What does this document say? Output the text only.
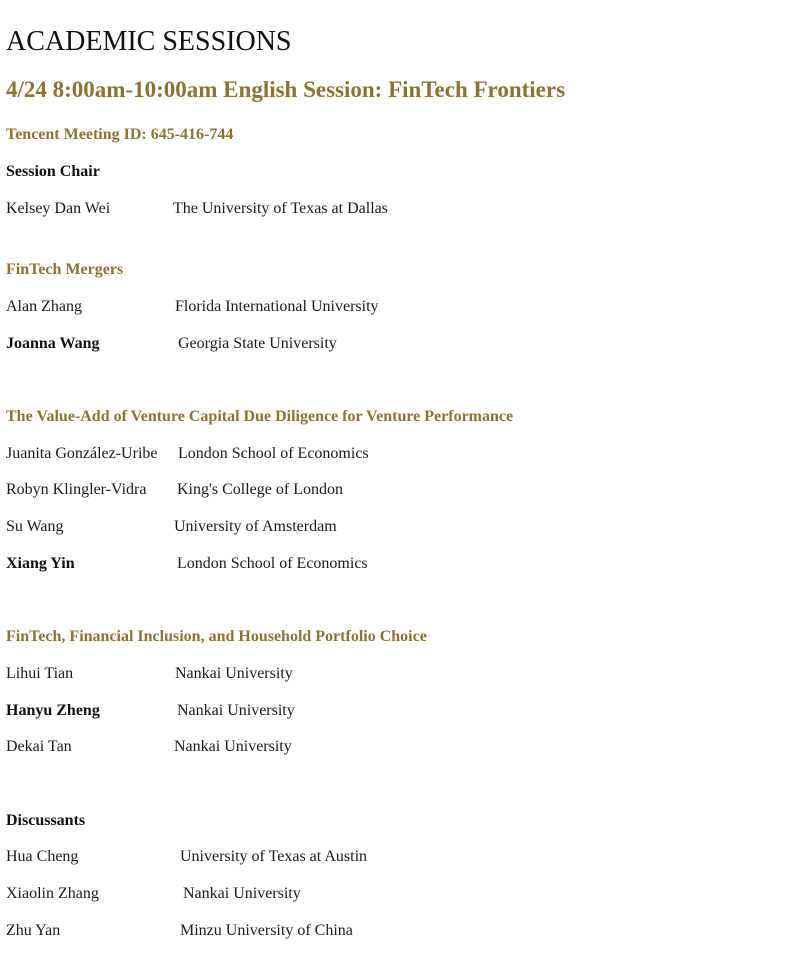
ACADEMIC SESSIONS
4/24 8:00am-10:00am English Session: FinTech Frontiers
Tencent Meeting ID: 645-416-744
Session Chair
Kelsey Dan Wei	The University of Texas at Dallas
FinTech Mergers
Alan Zhang	Florida International University
Joanna Wang	Georgia State University
The Value-Add of Venture Capital Due Diligence for Venture Performance
Juanita González-Uribe London School of Economics
Robyn Klingler-Vidra King's College of London
Su Wang	University of Amsterdam
Xiang Yin	London School of Economics
FinTech, Financial Inclusion, and Household Portfolio Choice
Lihui Tian	Nankai University
Hanyu Zheng	Nankai University
Dekai Tan	Nankai University
Discussants
Hua Cheng	University of Texas at Austin
Xiaolin Zhang	Nankai University
Zhu Yan	Minzu University of China
